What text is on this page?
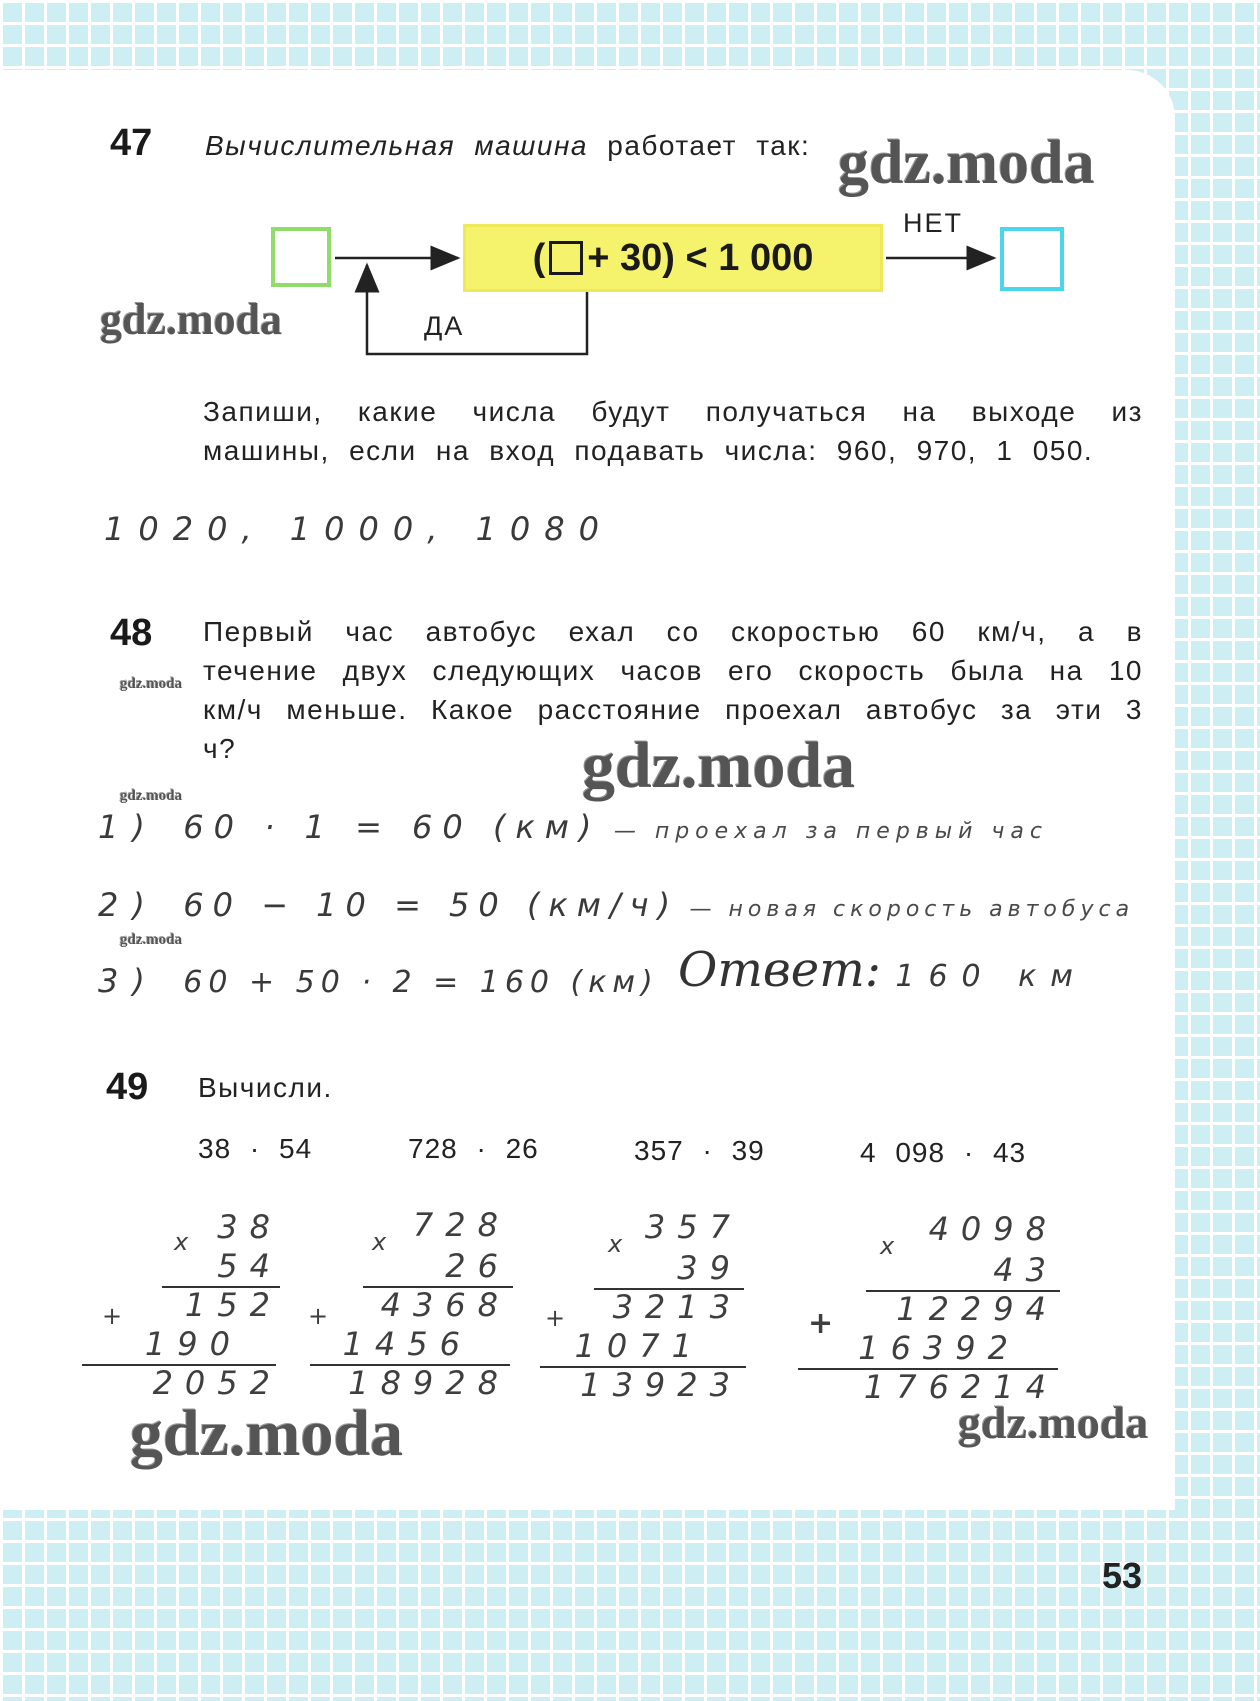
47 Вычислительная машина работает так:
( + 30) < 1 000
НЕТ
ДА
Запиши, какие числа будут получаться на выходе из машины, если на вход подавать числа: 960, 970, 1 050.
1020, 1000, 1080
48 Первый час автобус ехал со скоростью 60 км/ч, а в течение двух следующих часов его скорость была на 10 км/ч меньше. Какое расстояние проехал автобус за эти 3 ч?
1) 60 · 1 = 60 (км) — проехал за первый час
2) 60 − 10 = 50 (км/ч) — новая скорость автобуса
3) 60 + 50 · 2 = 160 (км) Ответ: 160 км
49 Вычисли.
38 · 54	728 · 26	357 · 39	4 098 · 43
38
x
54
152
+
190
2052
728
x
26
4368
+
1456
18928
357
x
39
3213
+
1071
13923
4098
x
43
12294
+
16392
176214
gdz.moda
gdz.moda
gdz.moda
gdz.moda
gdz.moda
gdz.moda
gdz.moda	gdz.moda
53
